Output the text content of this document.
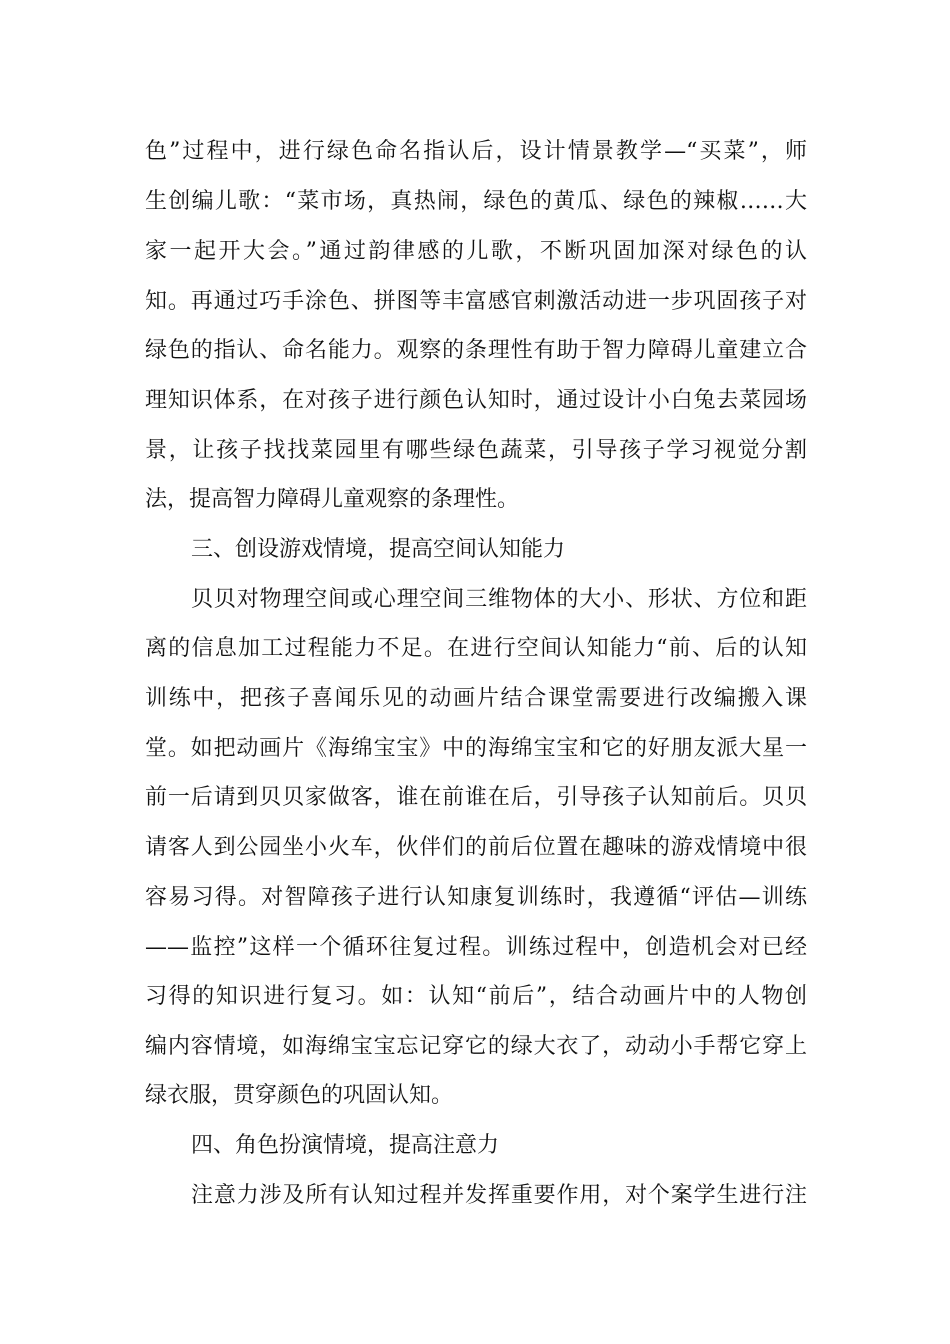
色”过程中，进行绿色命名指认后，设计情景教学—“买菜”，师
生创编儿歌：“菜市场，真热闹，绿色的黄瓜、绿色的辣椒……大
家一起开大会。”通过韵律感的儿歌，不断巩固加深对绿色的认
知。再通过巧手涂色、拼图等丰富感官刺激活动进一步巩固孩子对
绿色的指认、命名能力。观察的条理性有助于智力障碍儿童建立合
理知识体系，在对孩子进行颜色认知时，通过设计小白兔去菜园场
景，让孩子找找菜园里有哪些绿色蔬菜，引导孩子学习视觉分割
法，提高智力障碍儿童观察的条理性。
三、创设游戏情境，提高空间认知能力
贝贝对物理空间或心理空间三维物体的大小、形状、方位和距
离的信息加工过程能力不足。在进行空间认知能力“前、后的认知
训练中，把孩子喜闻乐见的动画片结合课堂需要进行改编搬入课
堂。如把动画片《海绵宝宝》中的海绵宝宝和它的好朋友派大星一
前一后请到贝贝家做客，谁在前谁在后，引导孩子认知前后。贝贝
请客人到公园坐小火车，伙伴们的前后位置在趣味的游戏情境中很
容易习得。对智障孩子进行认知康复训练时，我遵循“评估—训练
——监控”这样一个循环往复过程。训练过程中，创造机会对已经
习得的知识进行复习。如：认知“前后”，结合动画片中的人物创
编内容情境，如海绵宝宝忘记穿它的绿大衣了，动动小手帮它穿上
绿衣服，贯穿颜色的巩固认知。
四、角色扮演情境，提高注意力
注意力涉及所有认知过程并发挥重要作用，对个案学生进行注
